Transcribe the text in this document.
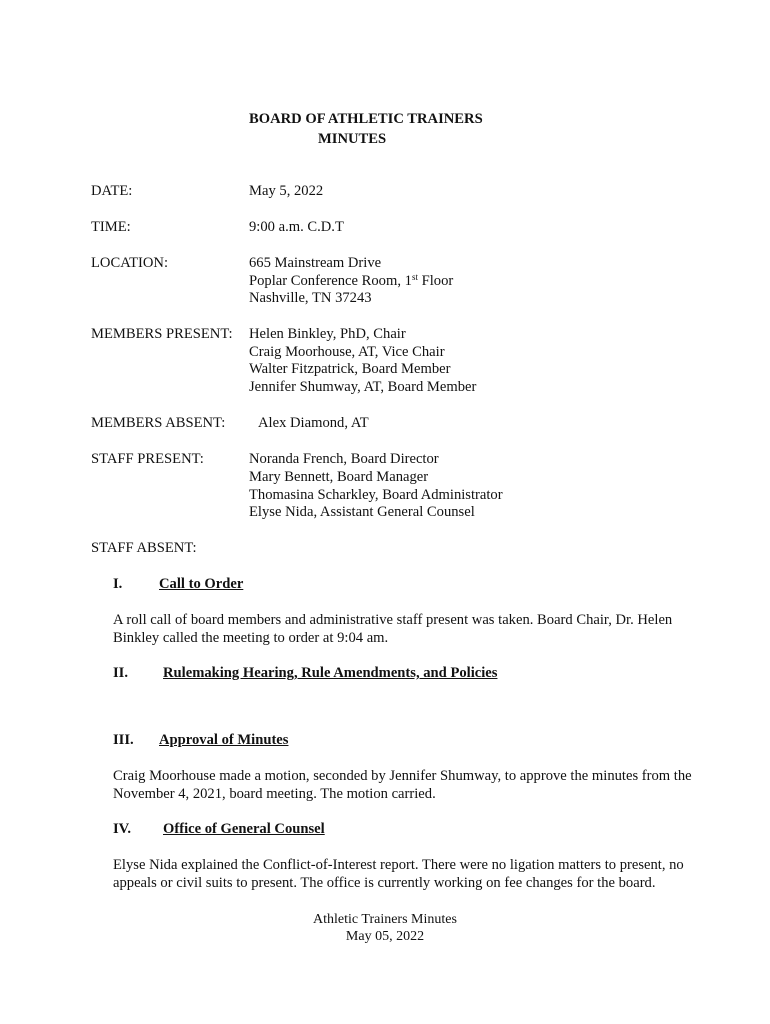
BOARD OF ATHLETIC TRAINERS
MINUTES
DATE:	May 5, 2022
TIME:	9:00 a.m. C.D.T
LOCATION:	665 Mainstream Drive
Poplar Conference Room, 1st Floor
Nashville, TN 37243
MEMBERS PRESENT: Helen Binkley, PhD, Chair
Craig Moorhouse, AT, Vice Chair
Walter Fitzpatrick, Board Member
Jennifer Shumway, AT, Board Member
MEMBERS ABSENT: Alex Diamond, AT
STAFF PRESENT:	Noranda French, Board Director
Mary Bennett, Board Manager
Thomasina Scharkley, Board Administrator
Elyse Nida, Assistant General Counsel
STAFF ABSENT:
I.	Call to Order
A roll call of board members and administrative staff present was taken. Board Chair, Dr. Helen Binkley called the meeting to order at 9:04 am.
II. Rulemaking Hearing, Rule Amendments, and Policies
III. Approval of Minutes
Craig Moorhouse made a motion, seconded by Jennifer Shumway, to approve the minutes from the November 4, 2021, board meeting. The motion carried.
IV. Office of General Counsel
Elyse Nida explained the Conflict-of-Interest report. There were no ligation matters to present, no appeals or civil suits to present. The office is currently working on fee changes for the board.
Athletic Trainers Minutes
May 05, 2022
